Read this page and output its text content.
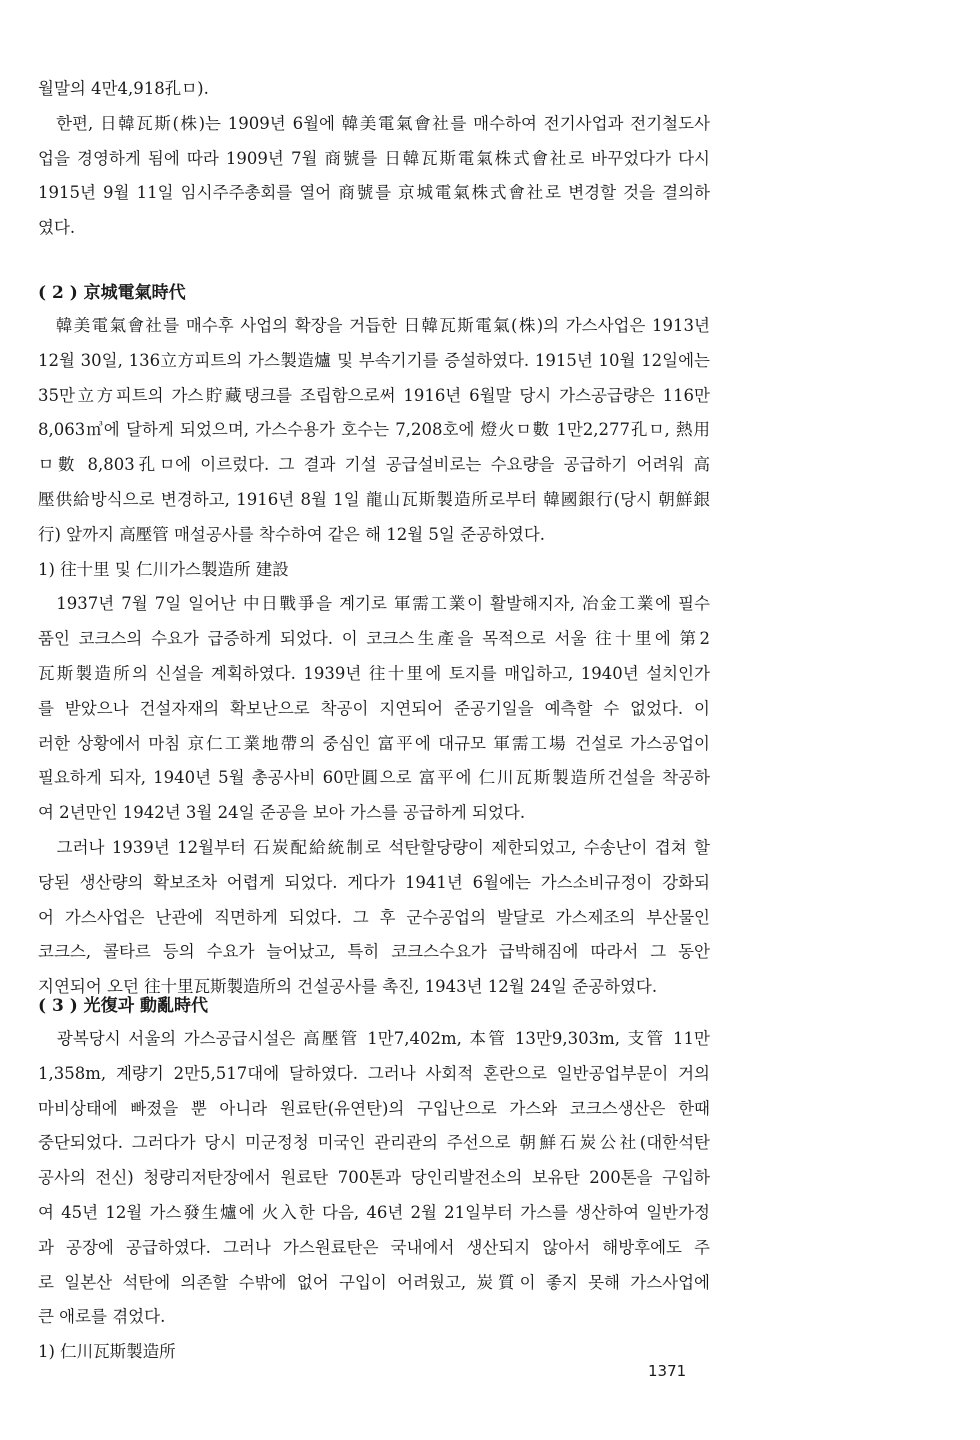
월말의 4만4,918孔ㅁ).
　한편, 日韓瓦斯(株)는 1909년 6월에 韓美電氣會社를 매수하여 전기사업과 전기철도사
업을 경영하게 됨에 따라 1909년 7월 商號를 日韓瓦斯電氣株式會社로 바꾸었다가 다시
1915년 9월 11일 임시주주총회를 열어 商號를 京城電氣株式會社로 변경할 것을 결의하
였다.
( 2 ) 京城電氣時代
　韓美電氣會社를 매수후 사업의 확장을 거듭한 日韓瓦斯電氣(株)의 가스사업은 1913년
12월 30일, 136立方피트의 가스製造爐 및 부속기기를 증설하였다. 1915년 10월 12일에는
35만立方피트의 가스貯藏탱크를 조립함으로써 1916년 6월말 당시 가스공급량은 116만
8,063㎥에 달하게 되었으며, 가스수용가 호수는 7,208호에 燈火ㅁ數 1만2,277孔ㅁ, 熱用
ㅁ數 8,803孔ㅁ에 이르렀다. 그 결과 기설 공급설비로는 수요량을 공급하기 어려워 高
壓供給방식으로 변경하고, 1916년 8월 1일 龍山瓦斯製造所로부터 韓國銀行(당시 朝鮮銀
行) 앞까지 高壓管 매설공사를 착수하여 같은 해 12월 5일 준공하였다.
1) 往十里 및 仁川가스製造所 建設
　1937년 7월 7일 일어난 中日戰爭을 계기로 軍需工業이 활발해지자, 冶金工業에 필수
품인 코크스의 수요가 급증하게 되었다. 이 코크스生產을 목적으로 서울 往十里에 第2
瓦斯製造所의 신설을 계획하였다. 1939년 往十里에 토지를 매입하고, 1940년 설치인가
를 받았으나 건설자재의 확보난으로 착공이 지연되어 준공기일을 예측할 수 없었다. 이
러한 상황에서 마침 京仁工業地帶의 중심인 富平에 대규모 軍需工場 건설로 가스공업이
필요하게 되자, 1940년 5월 총공사비 60만圓으로 富平에 仁川瓦斯製造所건설을 착공하
여 2년만인 1942년 3월 24일 준공을 보아 가스를 공급하게 되었다.
　그러나 1939년 12월부터 石炭配給統制로 석탄할당량이 제한되었고, 수송난이 겹쳐 할
당된 생산량의 확보조차 어렵게 되었다. 게다가 1941년 6월에는 가스소비규정이 강화되
어 가스사업은 난관에 직면하게 되었다. 그 후 군수공업의 발달로 가스제조의 부산물인
코크스, 콜타르 등의 수요가 늘어났고, 특히 코크스수요가 급박해짐에 따라서 그 동안
지연되어 오던 往十里瓦斯製造所의 건설공사를 촉진, 1943년 12월 24일 준공하였다.
( 3 ) 光復과 動亂時代
　광복당시 서울의 가스공급시설은 高壓管 1만7,402m, 本管 13만9,303m, 支管 11만
1,358m, 계량기 2만5,517대에 달하였다. 그러나 사회적 혼란으로 일반공업부문이 거의
마비상태에 빠졌을 뿐 아니라 원료탄(유연탄)의 구입난으로 가스와 코크스생산은 한때
중단되었다. 그러다가 당시 미군정청 미국인 관리관의 주선으로 朝鮮石炭公社(대한석탄
공사의 전신) 청량리저탄장에서 원료탄 700톤과 당인리발전소의 보유탄 200톤을 구입하
여 45년 12월 가스發生爐에 火入한 다음, 46년 2월 21일부터 가스를 생산하여 일반가정
과 공장에 공급하였다. 그러나 가스원료탄은 국내에서 생산되지 않아서 해방후에도 주
로 일본산 석탄에 의존할 수밖에 없어 구입이 어려웠고, 炭質이 좋지 못해 가스사업에
큰 애로를 겪었다.
1) 仁川瓦斯製造所
1371
